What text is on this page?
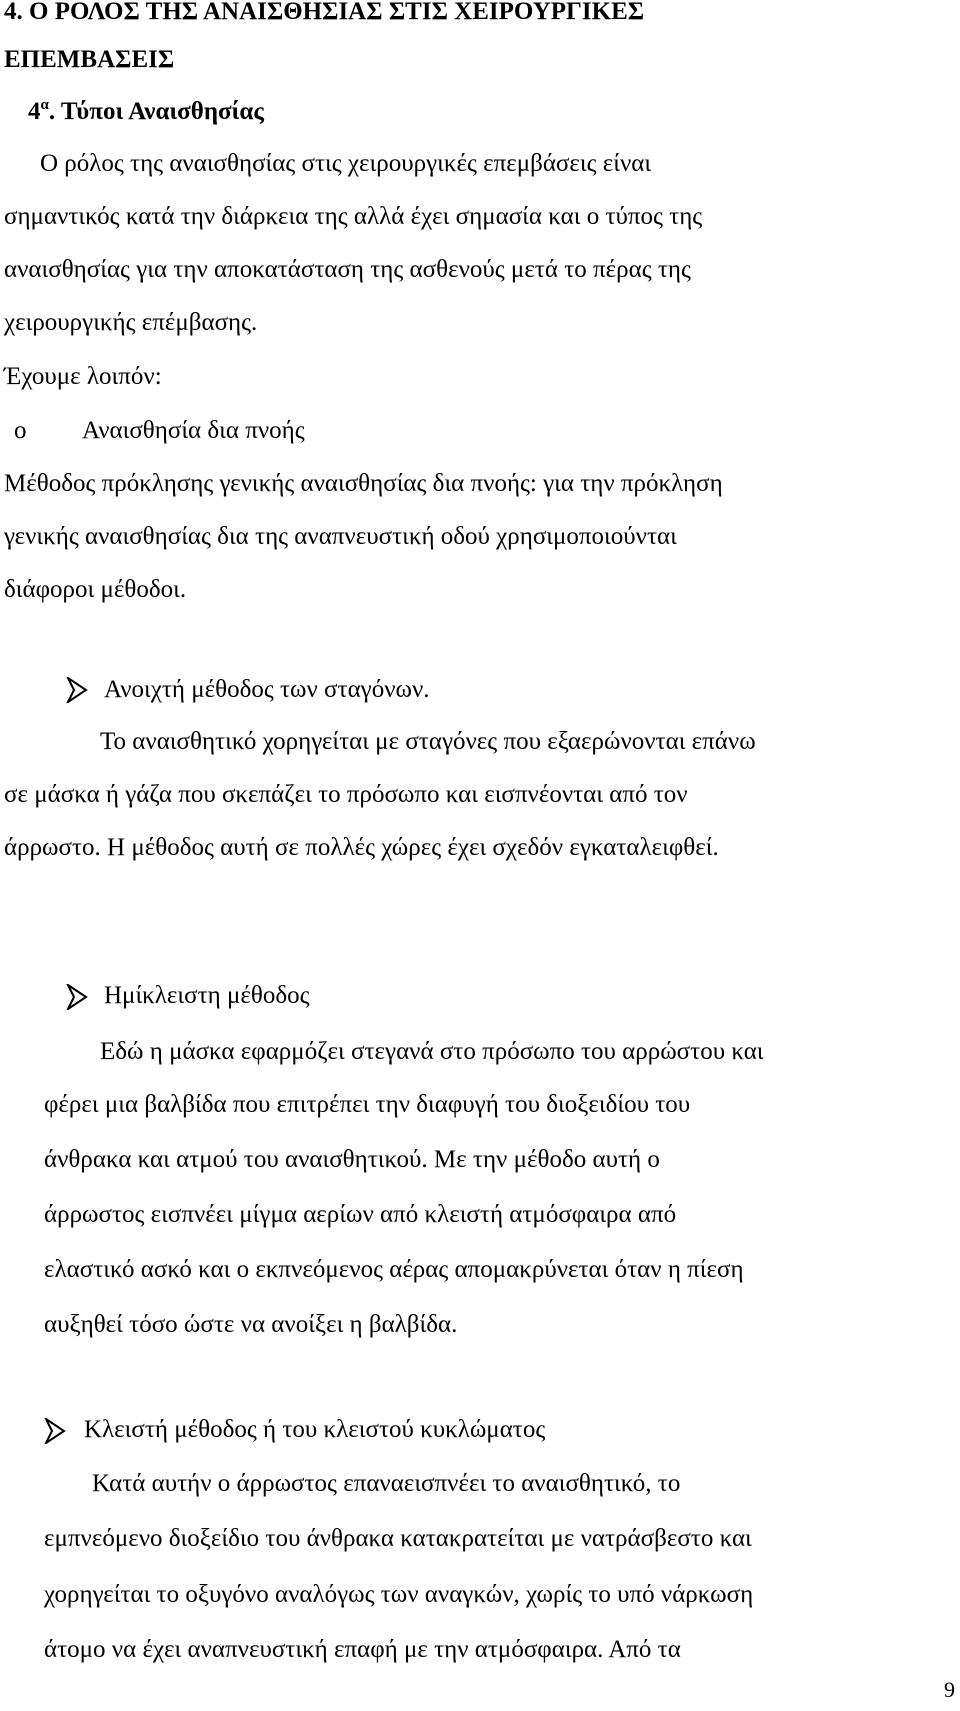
4. Ο ΡΟΛΟΣ ΤΗΣ ΑΝΑΙΣΘΗΣΙΑΣ ΣΤΙΣ ΧΕΙΡΟΥΡΓΙΚΕΣ
ΕΠΕΜΒΑΣΕΙΣ
$4^\alpha$. Τύποι Αναισθησίας
Ο ρόλος της αναισθησίας στις χειρουργικές επεμβάσεις είναι
σημαντικός κατά την διάρκεια της αλλά έχει σημασία και ο τύπος της
αναισθησίας για την αποκατάσταση της ασθενούς μετά το πέρας της
χειρουργικής επέμβασης.
Έχουμε λοιπόν:
o Αναισθησία δια πνοής
Μέθοδος πρόκλησης γενικής αναισθησίας δια πνοής: για την πρόκληση
γενικής αναισθησίας δια της αναπνευστική οδού χρησιμοποιούνται
διάφοροι μέθοδοι.
Ανοιχτή μέθοδος των σταγόνων.
Το αναισθητικό χορηγείται με σταγόνες που εξαερώνονται επάνω
σε μάσκα ή γάζα που σκεπάζει το πρόσωπο και εισπνέονται από τον
άρρωστο. Η μέθοδος αυτή σε πολλές χώρες έχει σχεδόν εγκαταλειφθεί.
Ημίκλειστη μέθοδος
Εδώ η μάσκα εφαρμόζει στεγανά στο πρόσωπο του αρρώστου και
φέρει μια βαλβίδα που επιτρέπει την διαφυγή του διοξειδίου του
άνθρακα και ατμού του αναισθητικού. Με την μέθοδο αυτή ο
άρρωστος εισπνέει μίγμα αερίων από κλειστή ατμόσφαιρα από
ελαστικό ασκό και ο εκπνεόμενος αέρας απομακρύνεται όταν η πίεση
αυξηθεί τόσο ώστε να ανοίξει η βαλβίδα.
Κλειστή μέθοδος ή του κλειστού κυκλώματος
Κατά αυτήν ο άρρωστος επαναεισπνέει το αναισθητικό, το
εμπνεόμενο διοξείδιο του άνθρακα κατακρατείται με νατράσβεστο και
χορηγείται το οξυγόνο αναλόγως των αναγκών, χωρίς το υπό νάρκωση
άτομο να έχει αναπνευστική επαφή με την ατμόσφαιρα. Από τα
9
